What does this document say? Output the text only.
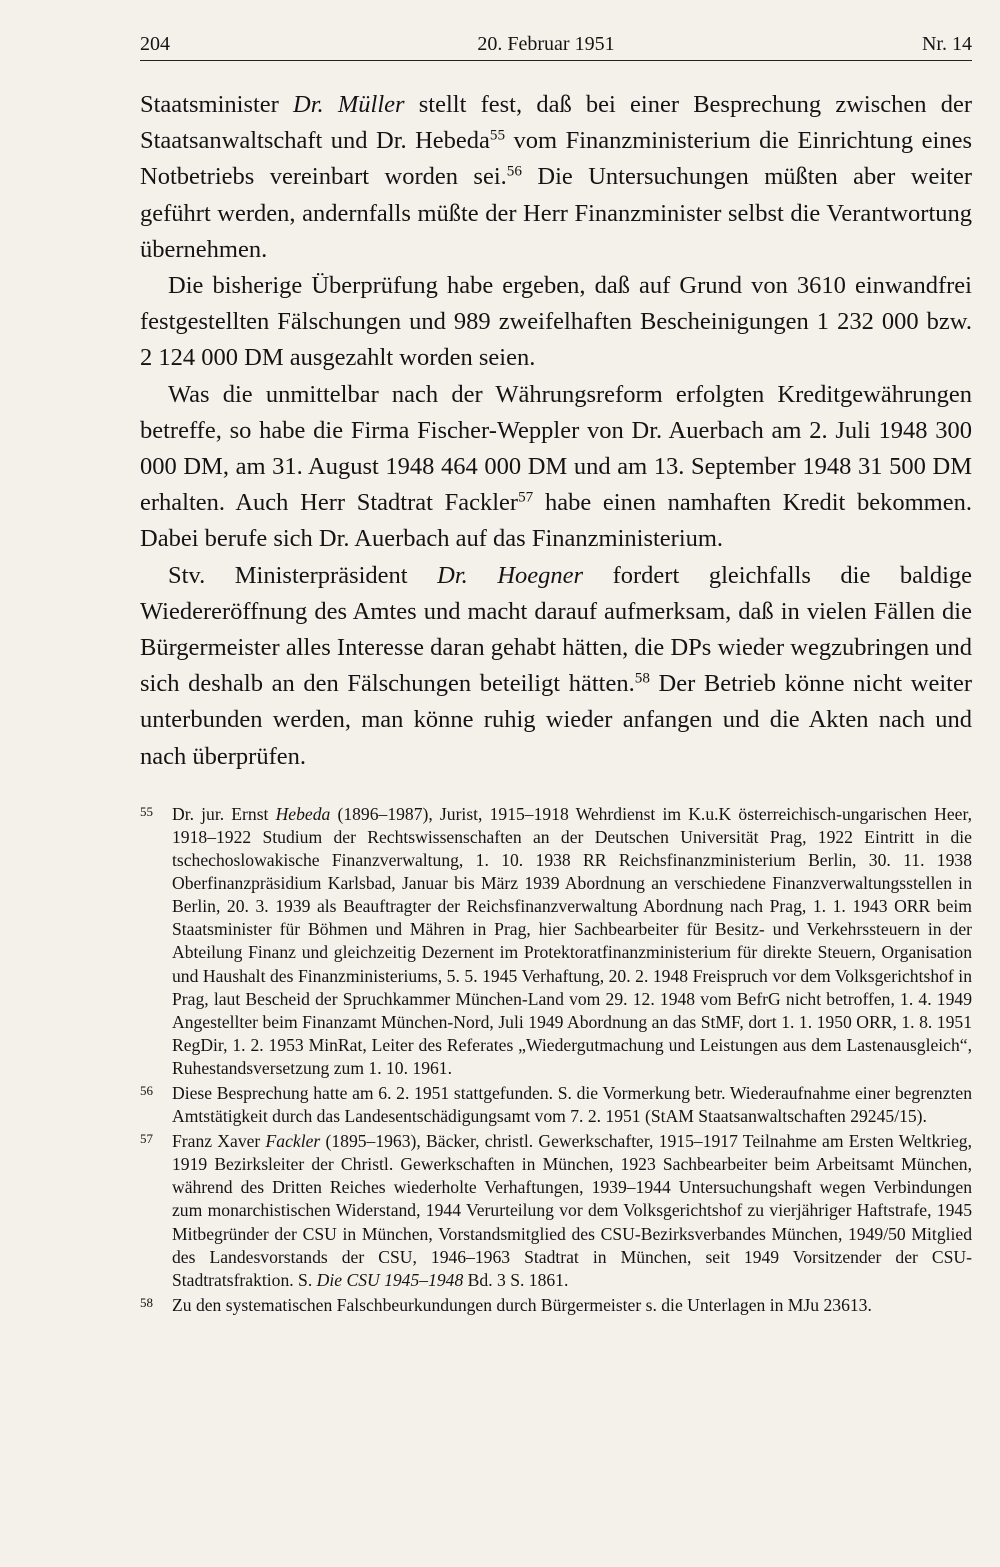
204	20. Februar 1951	Nr. 14

Staatsminister Dr. Müller stellt fest, daß bei einer Besprechung zwischen der Staatsanwaltschaft und Dr. Hebeda$^{55}$ vom Finanzministerium die Einrichtung eines Notbetriebs vereinbart worden sei.$^{56}$ Die Untersuchungen müßten aber weiter geführt werden, andernfalls müßte der Herr Finanzminister selbst die Verantwortung übernehmen.

Die bisherige Überprüfung habe ergeben, daß auf Grund von 3610 einwandfrei festgestellten Fälschungen und 989 zweifelhaften Bescheinigungen 1 232 000 bzw. 2 124 000 DM ausgezahlt worden seien.

Was die unmittelbar nach der Währungsreform erfolgten Kreditgewährungen betreffe, so habe die Firma Fischer-Weppler von Dr. Auerbach am 2. Juli 1948 300 000 DM, am 31. August 1948 464 000 DM und am 13. September 1948 31 500 DM erhalten. Auch Herr Stadtrat Fackler$^{57}$ habe einen namhaften Kredit bekommen. Dabei berufe sich Dr. Auerbach auf das Finanzministerium.

Stv. Ministerpräsident Dr. Hoegner fordert gleichfalls die baldige Wiedereröffnung des Amtes und macht darauf aufmerksam, daß in vielen Fällen die Bürgermeister alles Interesse daran gehabt hätten, die DPs wieder wegzubringen und sich deshalb an den Fälschungen beteiligt hätten.$^{58}$ Der Betrieb könne nicht weiter unterbunden werden, man könne ruhig wieder anfangen und die Akten nach und nach überprüfen.

55 Dr. jur. Ernst Hebeda (1896–1987), Jurist, 1915–1918 Wehrdienst im K.u.K österreichisch-ungarischen Heer, 1918–1922 Studium der Rechtswissenschaften an der Deutschen Universität Prag, 1922 Eintritt in die tschechoslowakische Finanzverwaltung, 1. 10. 1938 RR Reichsfinanzministerium Berlin, 30. 11. 1938 Oberfinanzpräsidium Karlsbad, Januar bis März 1939 Abordnung an verschiedene Finanzverwaltungsstellen in Berlin, 20. 3. 1939 als Beauftragter der Reichsfinanzverwaltung Abordnung nach Prag, 1. 1. 1943 ORR beim Staatsminister für Böhmen und Mähren in Prag, hier Sachbearbeiter für Besitz- und Verkehrssteuern in der Abteilung Finanz und gleichzeitig Dezernent im Protektoratfinanzministerium für direkte Steuern, Organisation und Haushalt des Finanzministeriums, 5. 5. 1945 Verhaftung, 20. 2. 1948 Freispruch vor dem Volksgerichtshof in Prag, laut Bescheid der Spruchkammer München-Land vom 29. 12. 1948 vom BefrG nicht betroffen, 1. 4. 1949 Angestellter beim Finanzamt München-Nord, Juli 1949 Abordnung an das StMF, dort 1. 1. 1950 ORR, 1. 8. 1951 RegDir, 1. 2. 1953 MinRat, Leiter des Referates „Wiedergutmachung und Leistungen aus dem Lastenausgleich“, Ruhestandsversetzung zum 1. 10. 1961.

56 Diese Besprechung hatte am 6. 2. 1951 stattgefunden. S. die Vormerkung betr. Wiederaufnahme einer begrenzten Amtstätigkeit durch das Landesentschädigungsamt vom 7. 2. 1951 (StAM Staatsanwaltschaften 29245/15).

57 Franz Xaver Fackler (1895–1963), Bäcker, christl. Gewerkschafter, 1915–1917 Teilnahme am Ersten Weltkrieg, 1919 Bezirksleiter der Christl. Gewerkschaften in München, 1923 Sachbearbeiter beim Arbeitsamt München, während des Dritten Reiches wiederholte Verhaftungen, 1939–1944 Untersuchungshaft wegen Verbindungen zum monarchistischen Widerstand, 1944 Verurteilung vor dem Volksgerichtshof zu vierjähriger Haftstrafe, 1945 Mitbegründer der CSU in München, Vorstandsmitglied des CSU-Bezirksverbandes München, 1949/50 Mitglied des Landesvorstands der CSU, 1946–1963 Stadtrat in München, seit 1949 Vorsitzender der CSU-Stadtratsfraktion. S. Die CSU 1945–1948 Bd. 3 S. 1861.

58 Zu den systematischen Falschbeurkundungen durch Bürgermeister s. die Unterlagen in MJu 23613.
